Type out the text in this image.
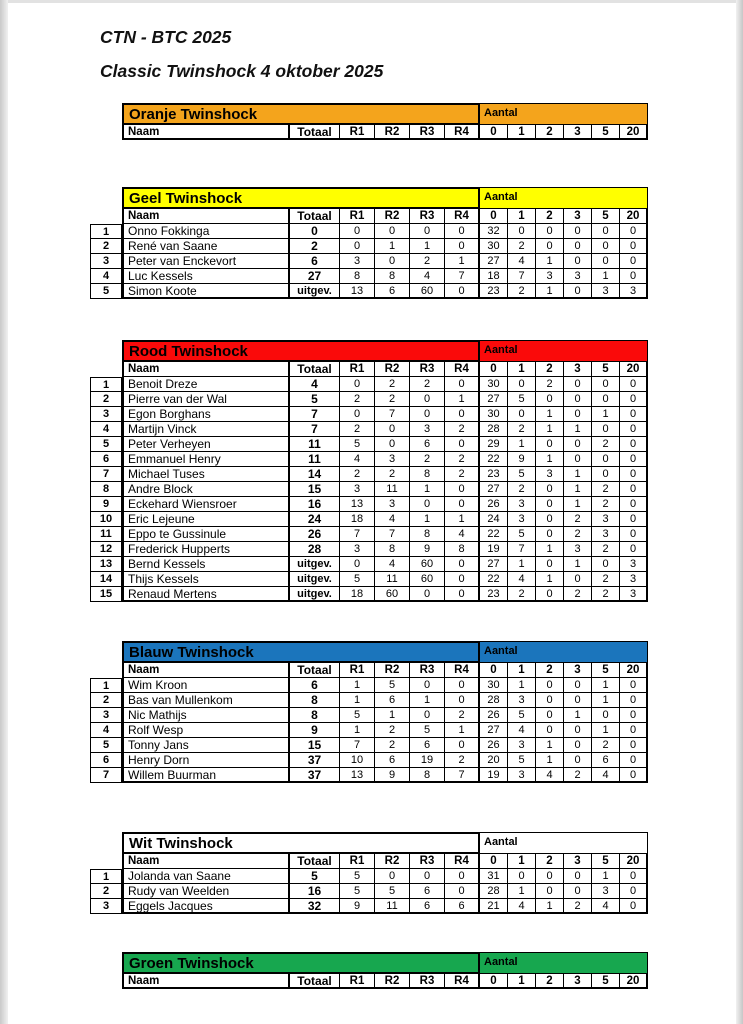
CTN - BTC 2025
Classic Twinshock 4 oktober 2025
Oranje Twinshock	Aantal
Naam	Totaal	R1	R2	R3	R4	0	1	2	3	5	20
Geel Twinshock	Aantal
Naam	Totaal	R1	R2	R3	R4	0	1	2	3	5	20
1	Onno Fokkinga	0	0	0	0	0	32	0	0	0	0	0
2	René van Saane	2	0	1	1	0	30	2	0	0	0	0
3	Peter van Enckevort	6	3	0	2	1	27	4	1	0	0	0
4	Luc Kessels	27	8	8	4	7	18	7	3	3	1	0
5	Simon Koote	uitgev.	13	6	60	0	23	2	1	0	3	3
Rood Twinshock	Aantal
Naam	Totaal	R1	R2	R3	R4	0	1	2	3	5	20
1	Benoit Dreze	4	0	2	2	0	30	0	2	0	0	0
2	Pierre van der Wal	5	2	2	0	1	27	5	0	0	0	0
3	Egon Borghans	7	0	7	0	0	30	0	1	0	1	0
4	Martijn Vinck	7	2	0	3	2	28	2	1	1	0	0
5	Peter Verheyen	11	5	0	6	0	29	1	0	0	2	0
6	Emmanuel Henry	11	4	3	2	2	22	9	1	0	0	0
7	Michael Tuses	14	2	2	8	2	23	5	3	1	0	0
8	Andre Block	15	3	11	1	0	27	2	0	1	2	0
9	Eckehard Wiensroer	16	13	3	0	0	26	3	0	1	2	0
10	Eric Lejeune	24	18	4	1	1	24	3	0	2	3	0
11	Eppo te Gussinule	26	7	7	8	4	22	5	0	2	3	0
12	Frederick Hupperts	28	3	8	9	8	19	7	1	3	2	0
13	Bernd Kessels	uitgev.	0	4	60	0	27	1	0	1	0	3
14	Thijs Kessels	uitgev.	5	11	60	0	22	4	1	0	2	3
15	Renaud Mertens	uitgev.	18	60	0	0	23	2	0	2	2	3
Blauw Twinshock	Aantal
Naam	Totaal	R1	R2	R3	R4	0	1	2	3	5	20
1	Wim Kroon	6	1	5	0	0	30	1	0	0	1	0
2	Bas van Mullenkom	8	1	6	1	0	28	3	0	0	1	0
3	Nic Mathijs	8	5	1	0	2	26	5	0	1	0	0
4	Rolf Wesp	9	1	2	5	1	27	4	0	0	1	0
5	Tonny Jans	15	7	2	6	0	26	3	1	0	2	0
6	Henry Dorn	37	10	6	19	2	20	5	1	0	6	0
7	Willem Buurman	37	13	9	8	7	19	3	4	2	4	0
Wit Twinshock	Aantal
Naam	Totaal	R1	R2	R3	R4	0	1	2	3	5	20
1	Jolanda van Saane	5	5	0	0	0	31	0	0	0	1	0
2	Rudy van Weelden	16	5	5	6	0	28	1	0	0	3	0
3	Eggels Jacques	32	9	11	6	6	21	4	1	2	4	0
Groen Twinshock	Aantal
Naam	Totaal	R1	R2	R3	R4	0	1	2	3	5	20
